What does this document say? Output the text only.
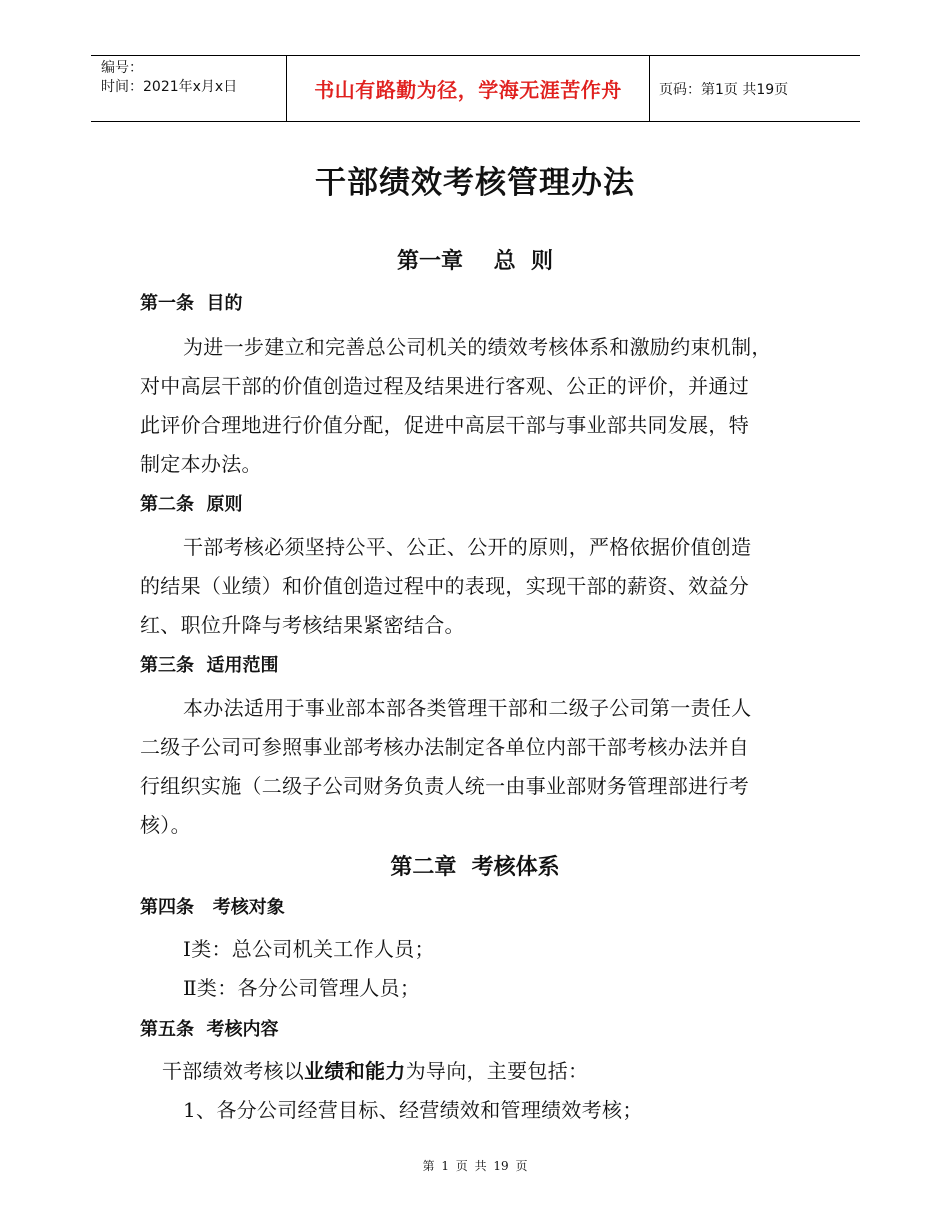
编号：
时间：2021年x月x日	书山有路勤为径，学海无涯苦作舟	页码：第1页 共19页
干部绩效考核管理办法
第一章    总  则
第一条  目的
为进一步建立和完善总公司机关的绩效考核体系和激励约束机制，
对中高层干部的价值创造过程及结果进行客观、公正的评价，并通过
此评价合理地进行价值分配，促进中高层干部与事业部共同发展，特
制定本办法。
第二条  原则
干部考核必须坚持公平、公正、公开的原则，严格依据价值创造
的结果（业绩）和价值创造过程中的表现，实现干部的薪资、效益分
红、职位升降与考核结果紧密结合。
第三条  适用范围
本办法适用于事业部本部各类管理干部和二级子公司第一责任人
二级子公司可参照事业部考核办法制定各单位内部干部考核办法并自
行组织实施（二级子公司财务负责人统一由事业部财务管理部进行考
核）。
第二章  考核体系
第四条   考核对象
Ⅰ类：总公司机关工作人员；
Ⅱ类：各分公司管理人员；
第五条  考核内容
干部绩效考核以业绩和能力为导向，主要包括：
1、各分公司经营目标、经营绩效和管理绩效考核；
第 1 页 共 19 页
